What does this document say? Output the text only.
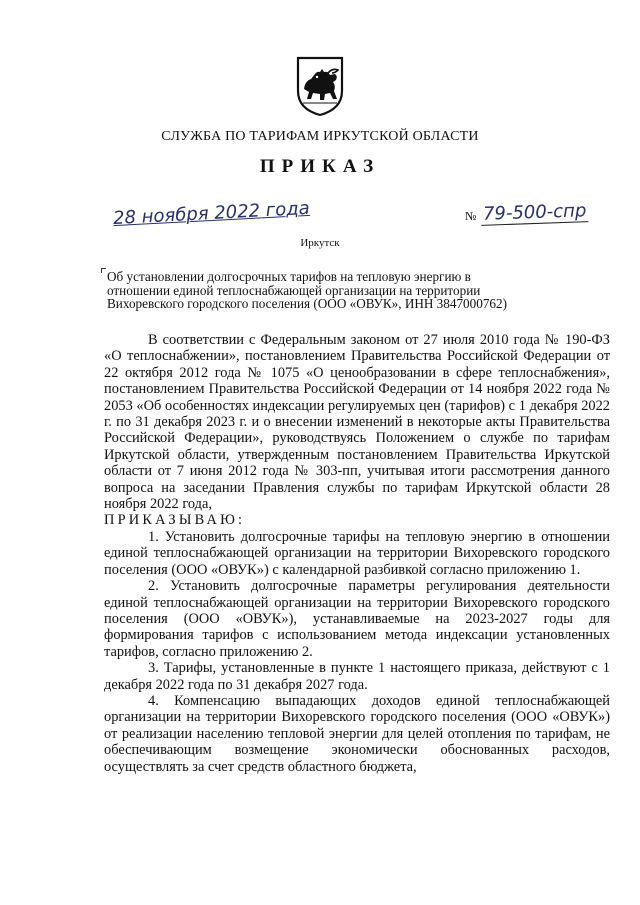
СЛУЖБА ПО ТАРИФАМ ИРКУТСКОЙ ОБЛАСТИ
ПРИКАЗ
28 ноября 2022 года	№ 79-500-спр
Иркутск
Об установлении долгосрочных тарифов на тепловую энергию в отношении единой теплоснабжающей организации на территории Вихоревского городского поселения (ООО «ОВУК», ИНН 3847000762)

В соответствии с Федеральным законом от 27 июля 2010 года № 190-ФЗ «О теплоснабжении», постановлением Правительства Российской Федерации от 22 октября 2012 года № 1075 «О ценообразовании в сфере теплоснабжения», постановлением Правительства Российской Федерации от 14 ноября 2022 года № 2053 «Об особенностях индексации регулируемых цен (тарифов) с 1 декабря 2022 г. по 31 декабря 2023 г. и о внесении изменений в некоторые акты Правительства Российской Федерации», руководствуясь Положением о службе по тарифам Иркутской области, утвержденным постановлением Правительства Иркутской области от 7 июня 2012 года № 303-пп, учитывая итоги рассмотрения данного вопроса на заседании Правления службы по тарифам Иркутской области 28 ноября 2022 года,

ПРИКАЗЫВАЮ:

1. Установить долгосрочные тарифы на тепловую энергию в отношении единой теплоснабжающей организации на территории Вихоревского городского поселения (ООО «ОВУК») с календарной разбивкой согласно приложению 1.

2. Установить долгосрочные параметры регулирования деятельности единой теплоснабжающей организации на территории Вихоревского городского поселения (ООО «ОВУК»), устанавливаемые на 2023-2027 годы для формирования тарифов с использованием метода индексации установленных тарифов, согласно приложению 2.

3. Тарифы, установленные в пункте 1 настоящего приказа, действуют с 1 декабря 2022 года по 31 декабря 2027 года.

4. Компенсацию выпадающих доходов единой теплоснабжающей организации на территории Вихоревского городского поселения (ООО «ОВУК») от реализации населению тепловой энергии для целей отопления по тарифам, не обеспечивающим возмещение экономически обоснованных расходов, осуществлять за счет средств областного бюджета,
